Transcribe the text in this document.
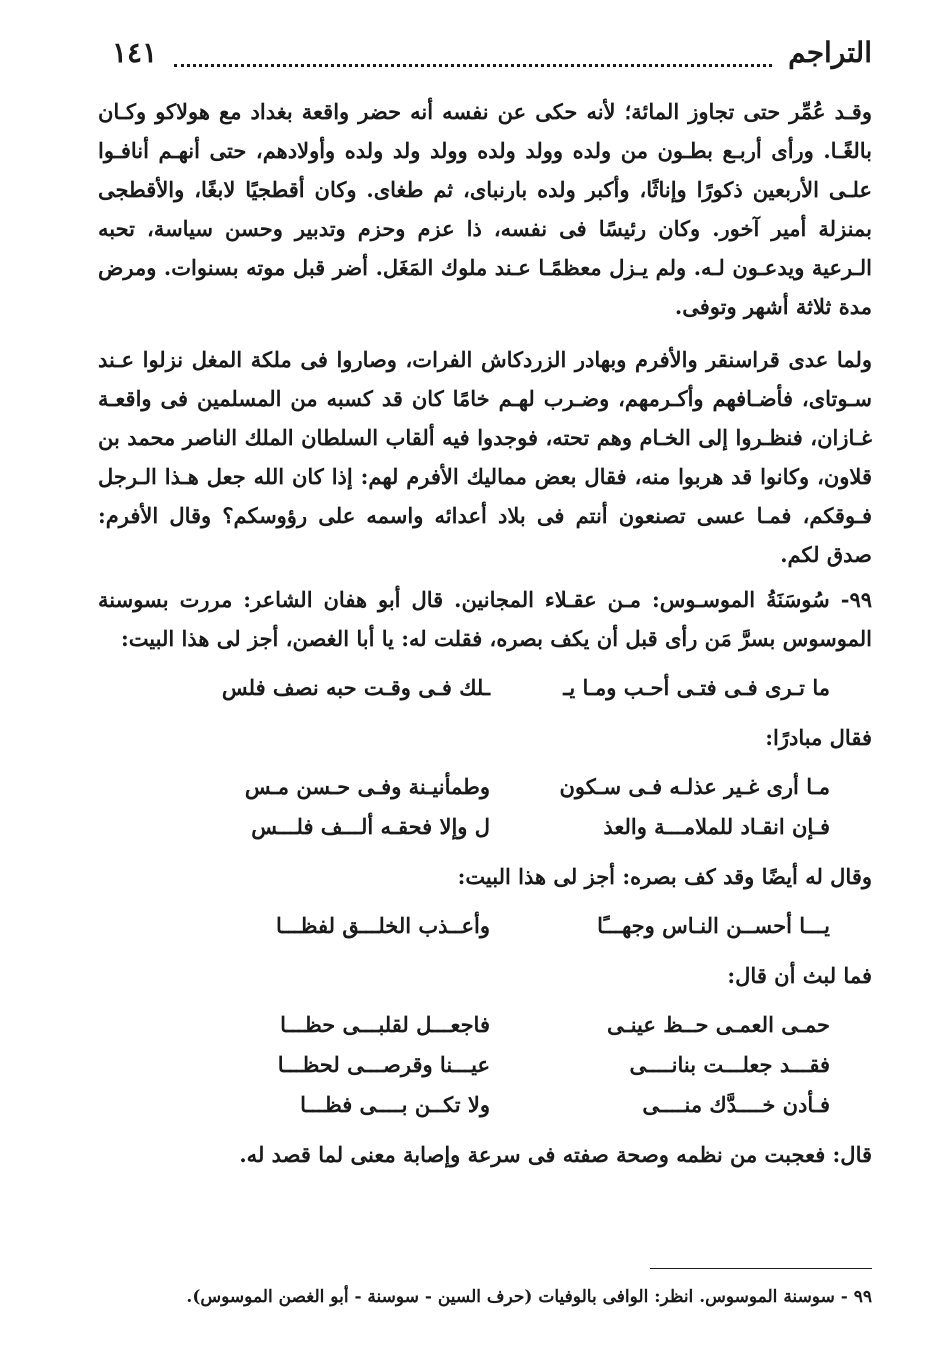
١٤١	التراجم

وقـد عُمِّر حتى تجاوز المائة؛ لأنه حكى عن نفسه أنه حضر واقعة بغداد مع هولاكو وكـان بالغًـا. ورأى أربـع بطـون من ولده وولد ولده وولد ولد ولده وأولادهم، حتى أنهـم أنافـوا علـى الأربعين ذكورًا وإناثًا، وأكبر ولده بارنباى، ثم طغاى. وكان أقطجيًا لابغًا، والأقطجى بمنزلة أمير آخور. وكان رئيسًا فى نفسه، ذا عزم وحزم وتدبير وحسن سياسة، تحبه الـرعية ويدعـون لـه. ولم يـزل معظمًـا عـند ملوك المَغَل. أضر قبل موته بسنوات. ومرض مدة ثلاثة أشهر وتوفى.

ولما عدى قراسنقر والأفرم وبهادر الزردكاش الفرات، وصاروا فى ملكة المغل نزلوا عـند سـوتاى، فأضـافهم وأكـرمهم، وضـرب لهـم خامًا كان قد كسبه من المسلمين فى واقعـة غـازان، فنظـروا إلى الخـام وهم تحته، فوجدوا فيه ألقاب السلطان الملك الناصر محمد بن قلاون، وكانوا قد هربوا منه، فقال بعض مماليك الأفرم لهم: إذا كان الله جعل هـذا الـرجل فـوقكم، فمـا عسى تصنعون أنتم فى بلاد أعدائه واسمه على رؤوسكم؟ وقال الأفرم: صدق لكم.

٩٩- سُوسَنَةُ الموسـوس: مـن عقـلاء المجانين. قال أبو هفان الشاعر: مررت بسوسنة الموسوس بسرَّ مَن رأى قبل أن يكف بصره، فقلت له: يا أبا الغصن، أجز لى هذا البيت:

ما تـرى فـى فتـى أحـب ومـا يـ
ـلك فـى وقـت حبه نصف فلس

فقال مبادرًا:

مـا أرى غـير عذلـه فـى سـكون
وطمأنيـنة وفـى حـسن مـس
فـإن انقـاد للملامـــة والعذ
ل وإلا فحقـه ألـــف فلـــس

وقال له أيضًا وقد كف بصره: أجز لى هذا البيت:

يـــا أحســن النـاس وجهـــًا
وأعــذب الخلـــق لفظـــا

فما لبث أن قال:

حمـى العمـى حــظ عينـى
فاجعـــل لقلبـــى حظـــا
فقـــد جعلـــت بنانــــى
عيـــنا وقرصـــى لحظـــا
فـأدن خــــدَّك منــــى
ولا تكــن بــــى فظـــا

قال: فعجبت من نظمه وصحة صفته فى سرعة وإصابة معنى لما قصد له.

٩٩ - سوسنة الموسوس. انظر: الوافى بالوفيات (حرف السين - سوسنة - أبو الغصن الموسوس).
